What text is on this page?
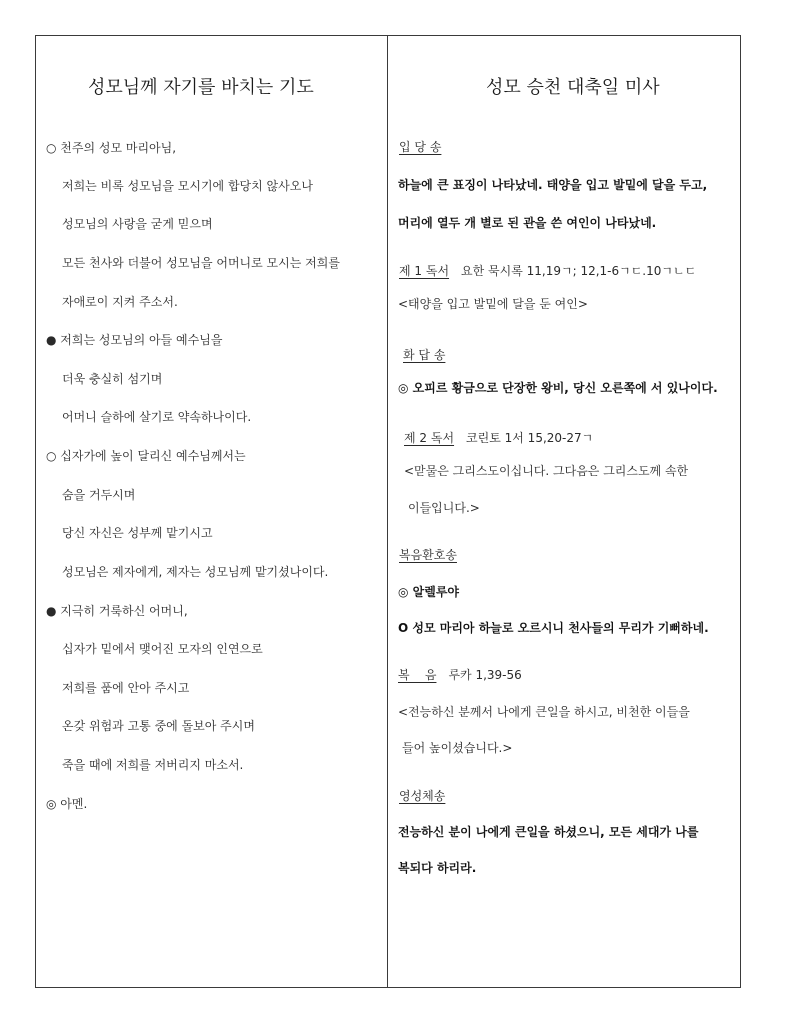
성모님께 자기를 바치는 기도
○ 천주의 성모 마리아님,
저희는 비록 성모님을 모시기에 합당치 않사오나
성모님의 사랑을 굳게 믿으며
모든 천사와 더불어 성모님을 어머니로 모시는 저희를
자애로이 지켜 주소서.
● 저희는 성모님의 아들 예수님을
더욱 충실히 섬기며
어머니 슬하에 살기로 약속하나이다.
○ 십자가에 높이 달리신 예수님께서는
숨을 거두시며
당신 자신은 성부께 맡기시고
성모님은 제자에게, 제자는 성모님께 맡기셨나이다.
● 지극히 거룩하신 어머니,
십자가 밑에서 맺어진 모자의 인연으로
저희를 품에 안아 주시고
온갖 위험과 고통 중에 돌보아 주시며
죽을 때에 저희를 저버리지 마소서.
◎ 아멘.
성모 승천 대축일 미사
입 당 송
하늘에 큰 표징이 나타났네. 태양을 입고 발밑에 달을 두고,
머리에 열두 개 별로 된 관을 쓴 여인이 나타났네.
제 1 독서 요한 묵시록 11,19ㄱ; 12,1-6ㄱㄷ.10ㄱㄴㄷ
<태양을 입고 발밑에 달을 둔 여인>
화 답 송
◎ 오피르 황금으로 단장한 왕비, 당신 오른쪽에 서 있나이다.
제 2 독서 코린토 1서 15,20-27ㄱ
<맏물은 그리스도이십니다. 그다음은 그리스도께 속한
이들입니다.>
복음환호송
◎ 알렐루야
O 성모 마리아 하늘로 오르시니 천사들의 무리가 기뻐하네.
복    음 루카 1,39-56
<전능하신 분께서 나에게 큰일을 하시고, 비천한 이들을
들어 높이셨습니다.>
영성체송
전능하신 분이 나에게 큰일을 하셨으니, 모든 세대가 나를
복되다 하리라.
